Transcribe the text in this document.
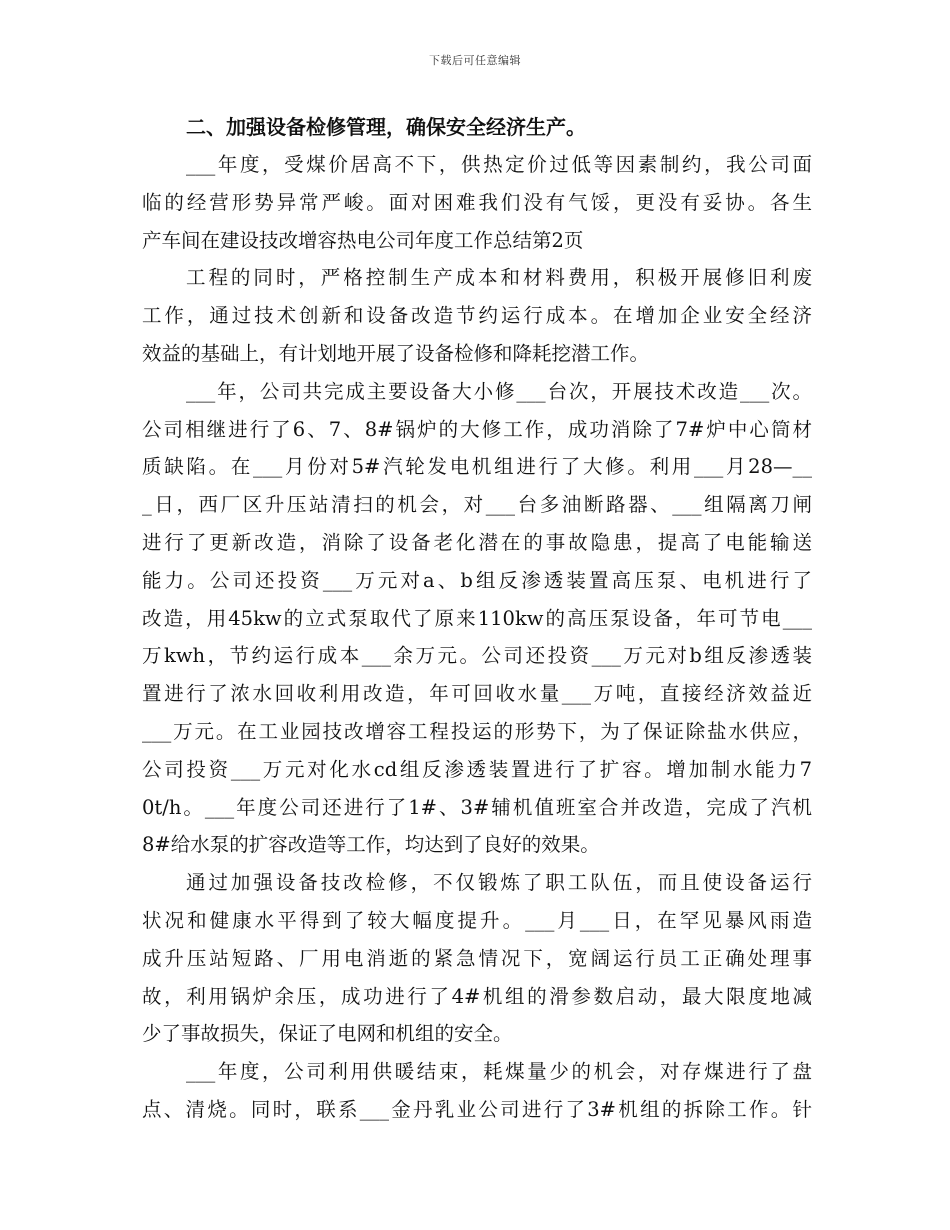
下载后可任意编辑
二、加强设备检修管理，确保安全经济生产。
___年度，受煤价居高不下，供热定价过低等因素制约，我公司面
临的经营形势异常严峻。面对困难我们没有气馁，更没有妥协。各生
产车间在建设技改增容热电公司年度工作总结第2页
工程的同时，严格控制生产成本和材料费用，积极开展修旧利废
工作，通过技术创新和设备改造节约运行成本。在增加企业安全经济
效益的基础上，有计划地开展了设备检修和降耗挖潜工作。
___年，公司共完成主要设备大小修___台次，开展技术改造___次。
公司相继进行了6、7、8#锅炉的大修工作，成功消除了7#炉中心筒材
质缺陷。在___月份对5#汽轮发电机组进行了大修。利用___月28—__
_日，西厂区升压站清扫的机会，对___台多油断路器、___组隔离刀闸
进行了更新改造，消除了设备老化潜在的事故隐患，提高了电能输送
能力。公司还投资___万元对a、b组反渗透装置高压泵、电机进行了
改造，用45kw的立式泵取代了原来110kw的高压泵设备，年可节电___
万kwh，节约运行成本___余万元。公司还投资___万元对b组反渗透装
置进行了浓水回收利用改造，年可回收水量___万吨，直接经济效益近
___万元。在工业园技改增容工程投运的形势下，为了保证除盐水供应，
公司投资___万元对化水cd组反渗透装置进行了扩容。增加制水能力7
0t/h。___年度公司还进行了1#、3#辅机值班室合并改造，完成了汽机
8#给水泵的扩容改造等工作，均达到了良好的效果。
通过加强设备技改检修，不仅锻炼了职工队伍，而且使设备运行
状况和健康水平得到了较大幅度提升。___月___日，在罕见暴风雨造
成升压站短路、厂用电消逝的紧急情况下，宽阔运行员工正确处理事
故，利用锅炉余压，成功进行了4#机组的滑参数启动，最大限度地减
少了事故损失，保证了电网和机组的安全。
___年度，公司利用供暖结束，耗煤量少的机会，对存煤进行了盘
点、清烧。同时，联系___金丹乳业公司进行了3#机组的拆除工作。针
